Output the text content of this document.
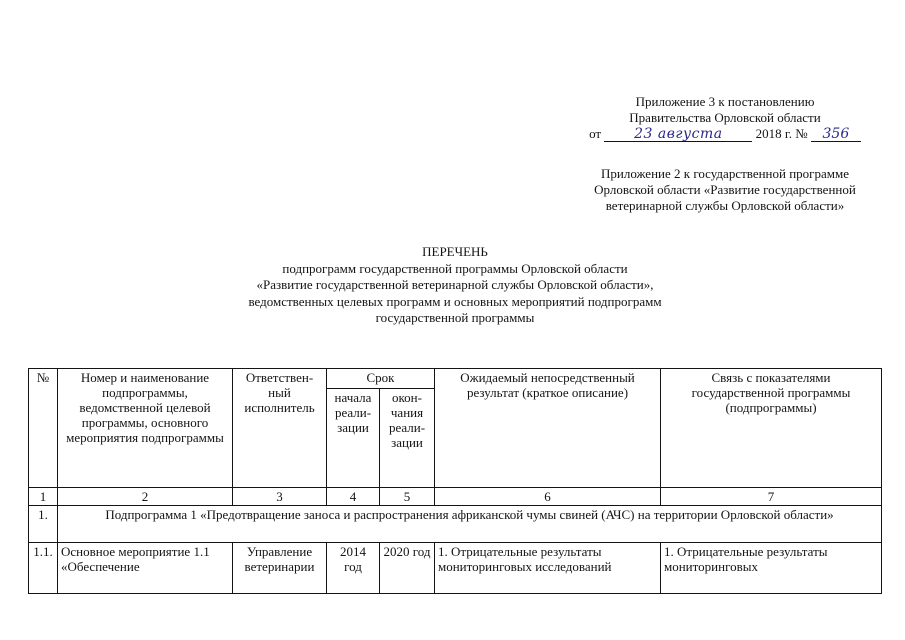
Приложение 3 к постановлению
Правительства Орловской области
от 23 августа	2018 г. № 356
Приложение 2 к государственной программе
Орловской области «Развитие государственной
ветеринарной службы Орловской области»
ПЕРЕЧЕНЬ
подпрограмм государственной программы Орловской области
«Развитие государственной ветеринарной службы Орловской области»,
ведомственных целевых программ и основных мероприятий подпрограмм
государственной программы
№	Номер и наименование подпрограммы, ведомственной целевой программы, основного мероприятия подпрограммы	Ответствен-ный исполнитель	Срок		Ожидаемый непосредственный результат (краткое описание)	Связь с показателями государственной программы (подпрограммы)
			начала реали-зации	окон-чания реали-зации		
1	2	3	4	5	6	7
1.	Подпрограмма 1 «Предотвращение заноса и распространения африканской чумы свиней (АЧС) на территории Орловской области»					
1.1.	Основное мероприятие 1.1 «Обеспечение	Управление ветеринарии	2014 год	2020 год	1. Отрицательные результаты мониторинговых исследований	1. Отрицательные результаты мониторинговых
